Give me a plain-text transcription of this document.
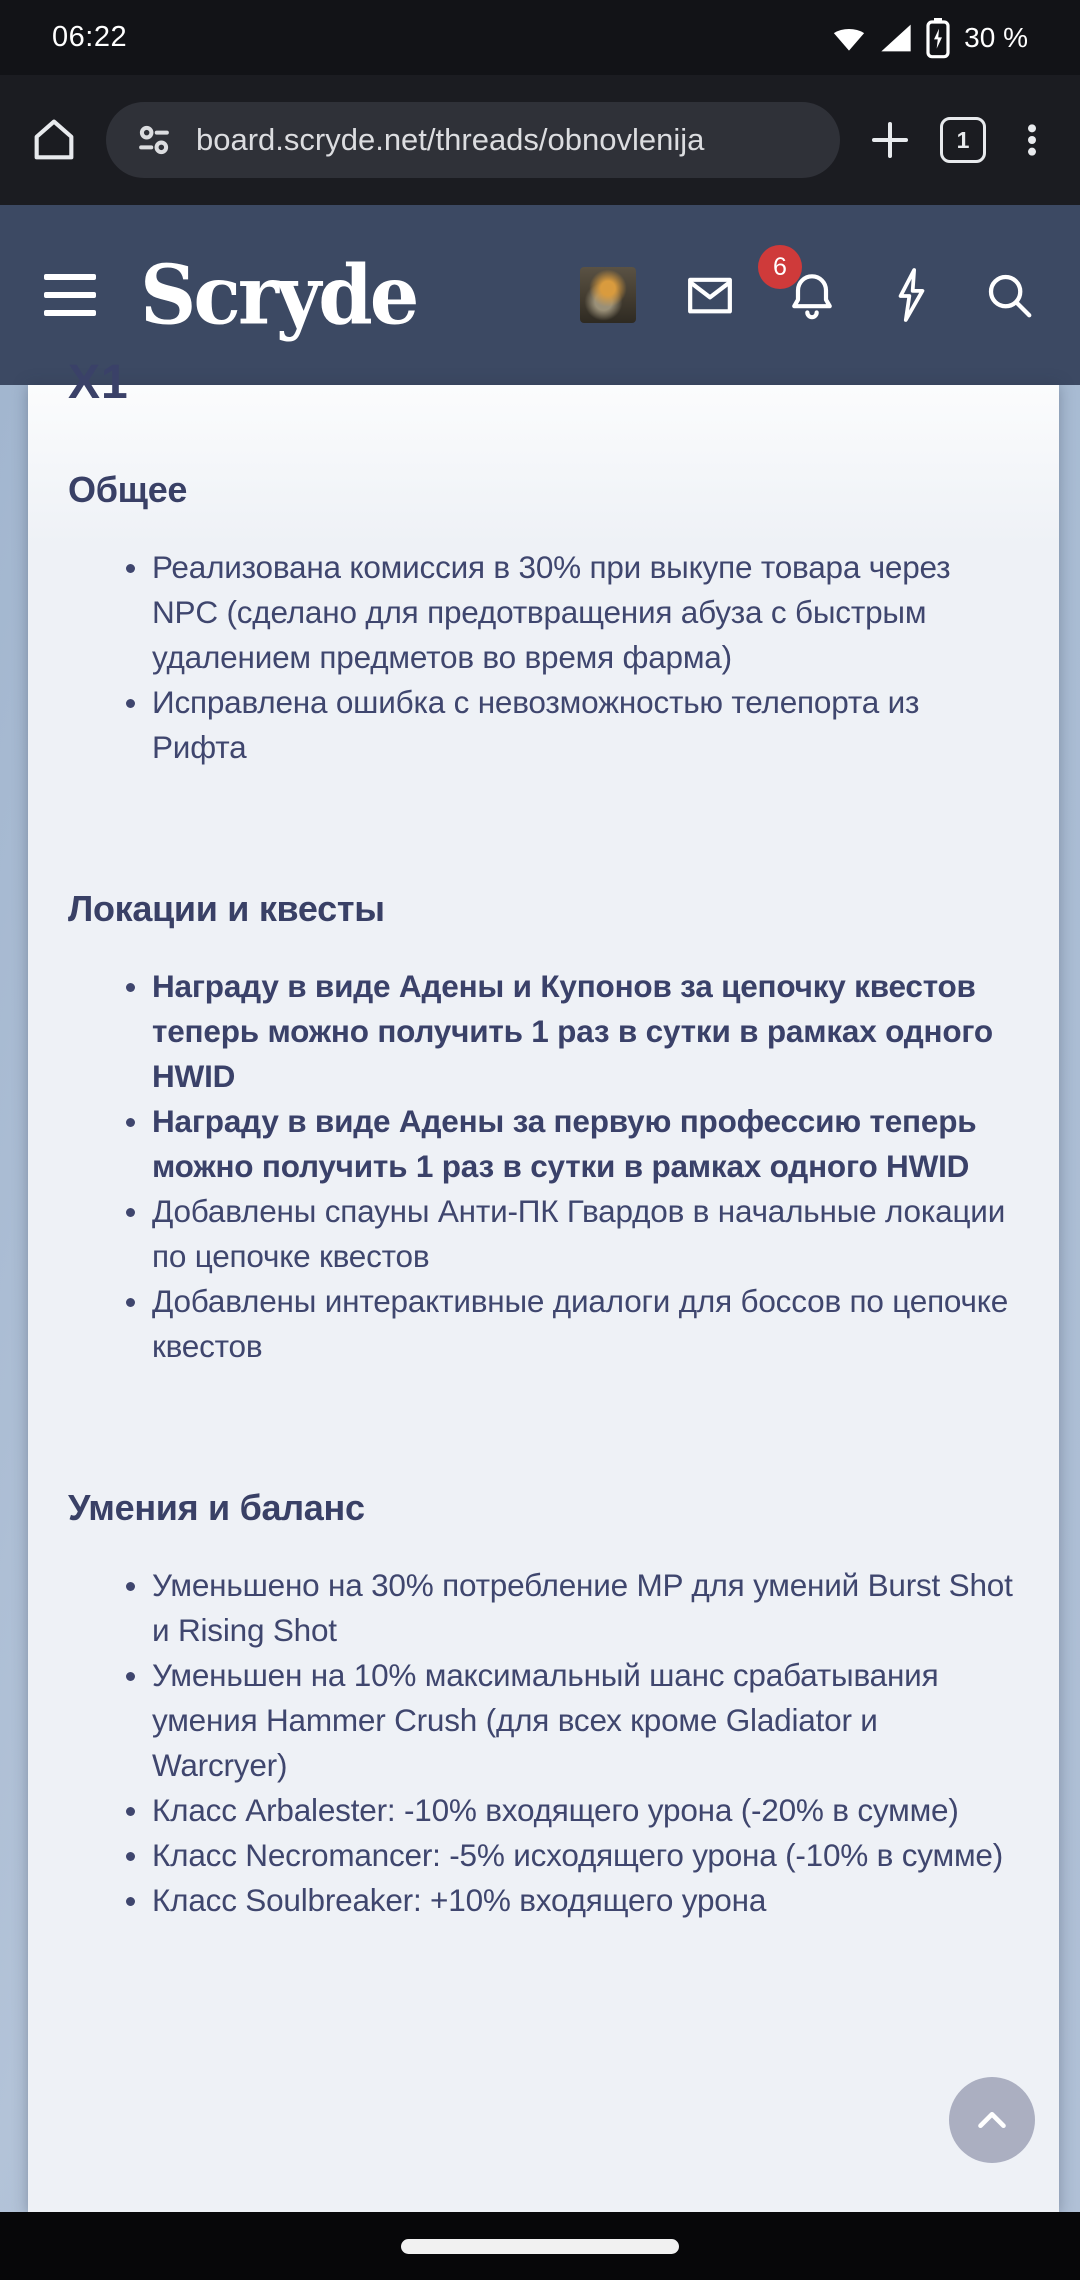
06:22	30 %
board.scryde.net/threads/obnovlenija	1
Scryde	6
X1
Общее
Реализована комиссия в 30% при выкупе товара через NPC (сделано для предотвращения абуза с быстрым удалением предметов во время фарма)
Исправлена ошибка с невозможностью телепорта из Рифта
Локации и квесты
Награду в виде Адены и Купонов за цепочку квестов теперь можно получить 1 раз в сутки в рамках одного HWID
Награду в виде Адены за первую профессию теперь можно получить 1 раз в сутки в рамках одного HWID
Добавлены спауны Анти-ПК Гвардов в начальные локации по цепочке квестов
Добавлены интерактивные диалоги для боссов по цепочке квестов
Умения и баланс
Уменьшено на 30% потребление MP для умений Burst Shot и Rising Shot
Уменьшен на 10% максимальный шанс срабатывания умения Hammer Crush (для всех кроме Gladiator и Warcryer)
Класс Arbalester: -10% входящего урона (-20% в сумме)
Класс Necromancer: -5% исходящего урона (-10% в сумме)
Класс Soulbreaker: +10% входящего урона
